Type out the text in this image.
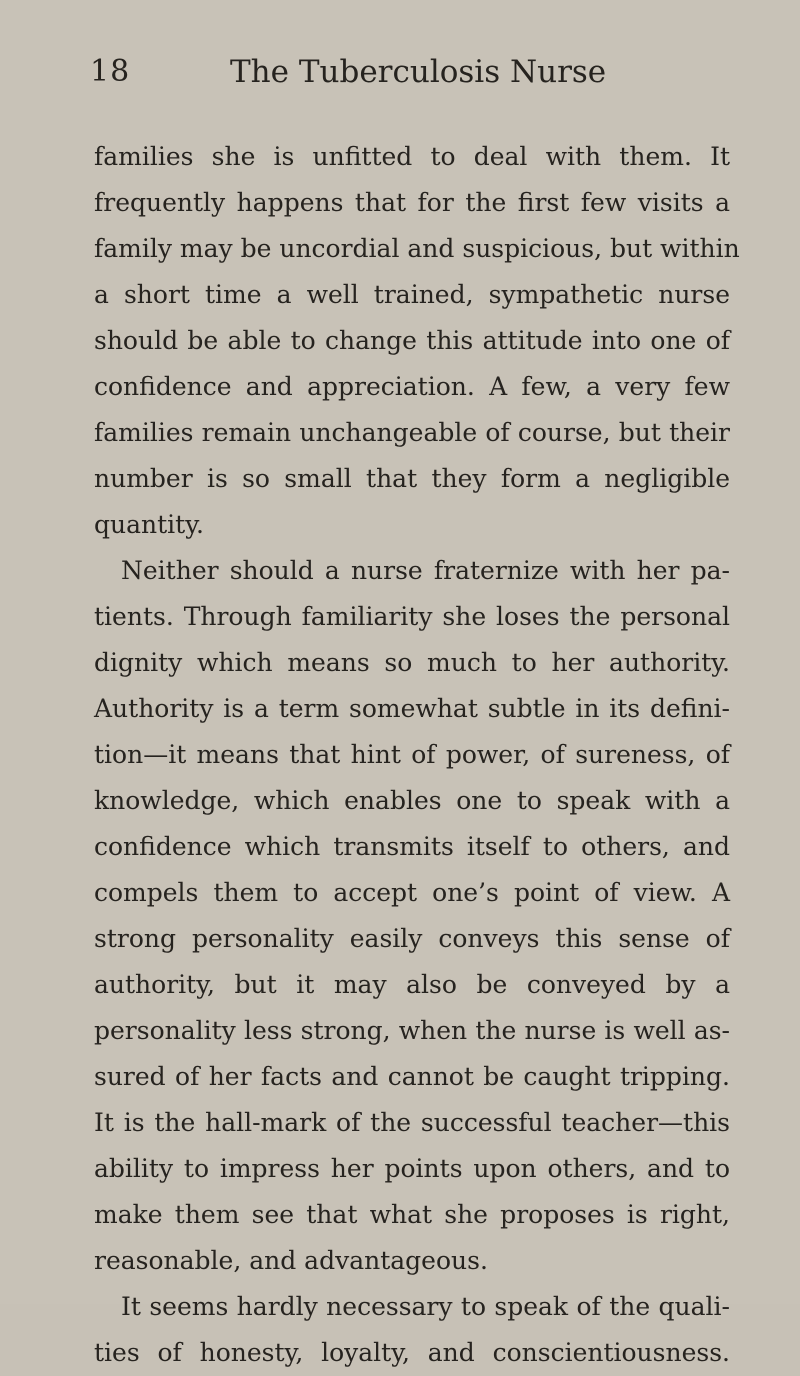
18	The Tuberculosis Nurse
families she is unfitted to deal with them. It
frequently happens that for the first few visits a
family may be uncordial and suspicious, but within
a short time a well trained, sympathetic nurse
should be able to change this attitude into one of
confidence and appreciation. A few, a very few
families remain unchangeable of course, but their
number is so small that they form a negligible
quantity.
Neither should a nurse fraternize with her pa-
tients. Through familiarity she loses the personal
dignity which means so much to her authority.
Authority is a term somewhat subtle in its defini-
tion—it means that hint of power, of sureness, of
knowledge, which enables one to speak with a
confidence which transmits itself to others, and
compels them to accept one’s point of view. A
strong personality easily conveys this sense of
authority, but it may also be conveyed by a
personality less strong, when the nurse is well as-
sured of her facts and cannot be caught tripping.
It is the hall-mark of the successful teacher—this
ability to impress her points upon others, and to
make them see that what she proposes is right,
reasonable, and advantageous.
It seems hardly necessary to speak of the quali-
ties of honesty, loyalty, and conscientiousness.
